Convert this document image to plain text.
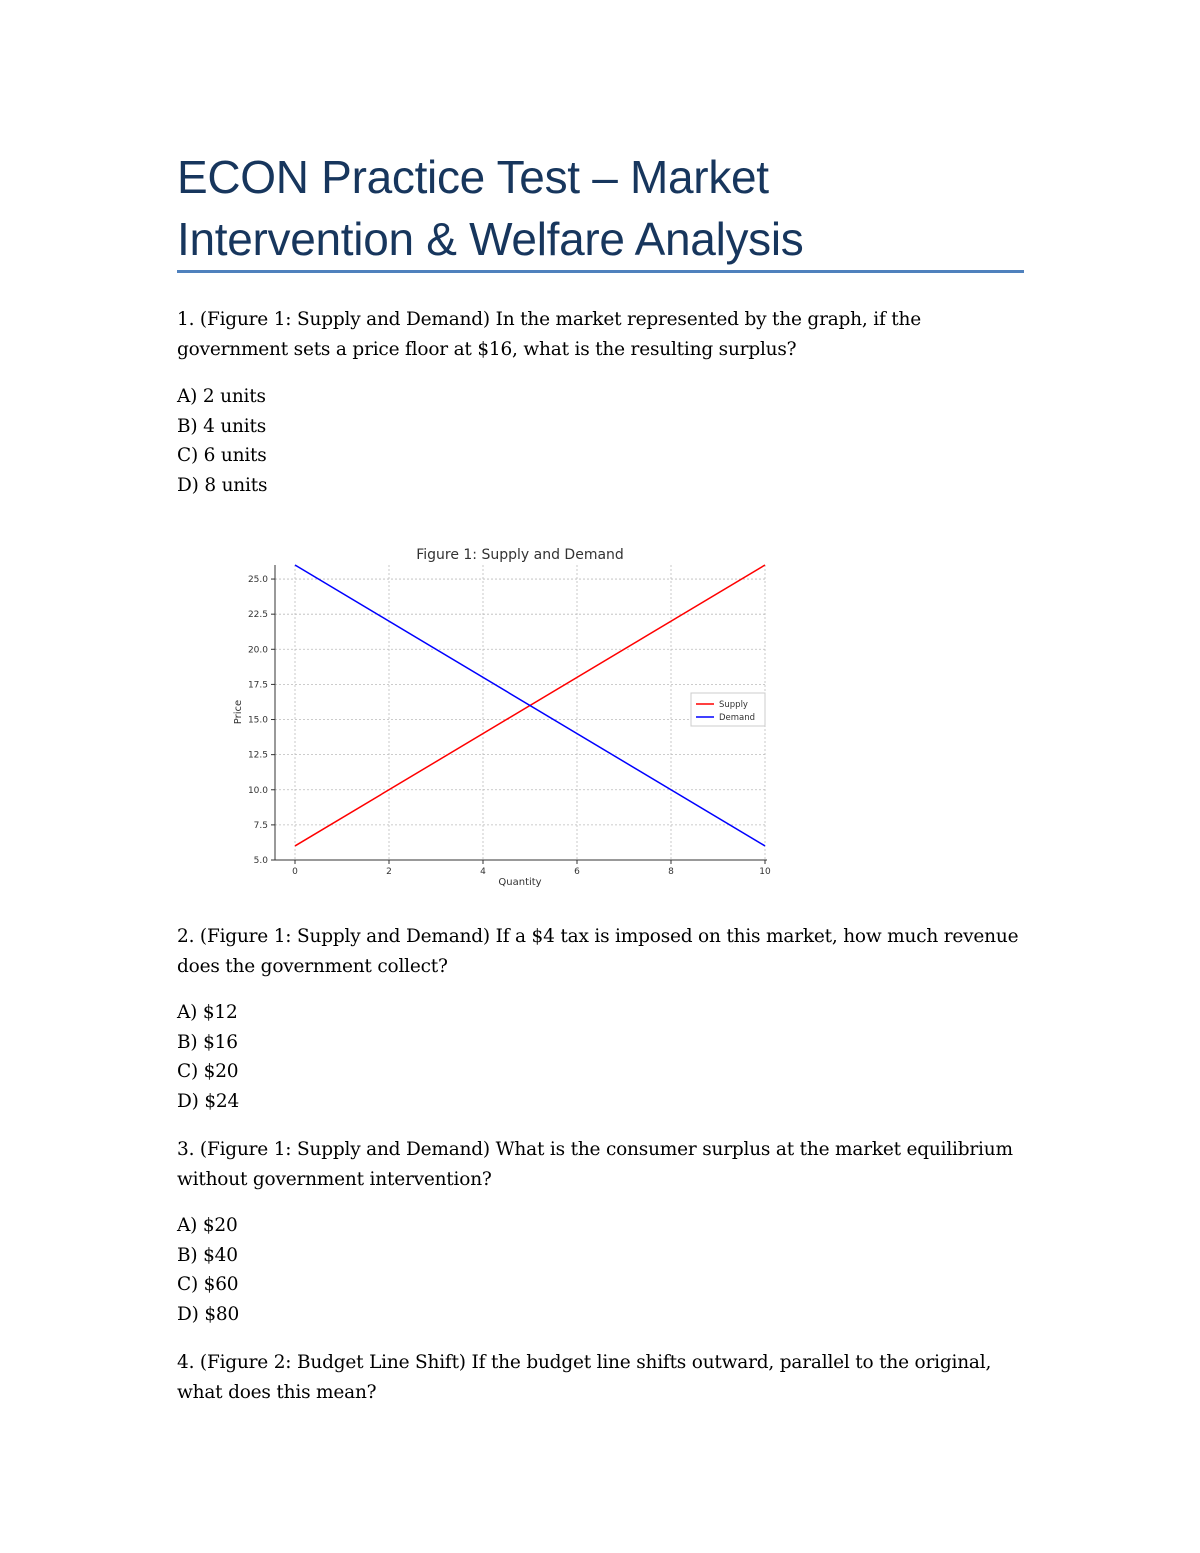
ECON Practice Test – Market
Intervention & Welfare Analysis
1. (Figure 1: Supply and Demand) In the market represented by the graph, if the
government sets a price floor at $16, what is the resulting surplus?
A) 2 units
B) 4 units
C) 6 units
D) 8 units
5.0
7.5
10.0
12.5
15.0
17.5
20.0
22.5
25.0
0	2	4	6	8	10
Figure 1: Supply and Demand
Quantity
Price	Supply
Demand
2. (Figure 1: Supply and Demand) If a $4 tax is imposed on this market, how much revenue
does the government collect?
A) $12
B) $16
C) $20
D) $24
3. (Figure 1: Supply and Demand) What is the consumer surplus at the market equilibrium
without government intervention?
A) $20
B) $40
C) $60
D) $80
4. (Figure 2: Budget Line Shift) If the budget line shifts outward, parallel to the original,
what does this mean?
